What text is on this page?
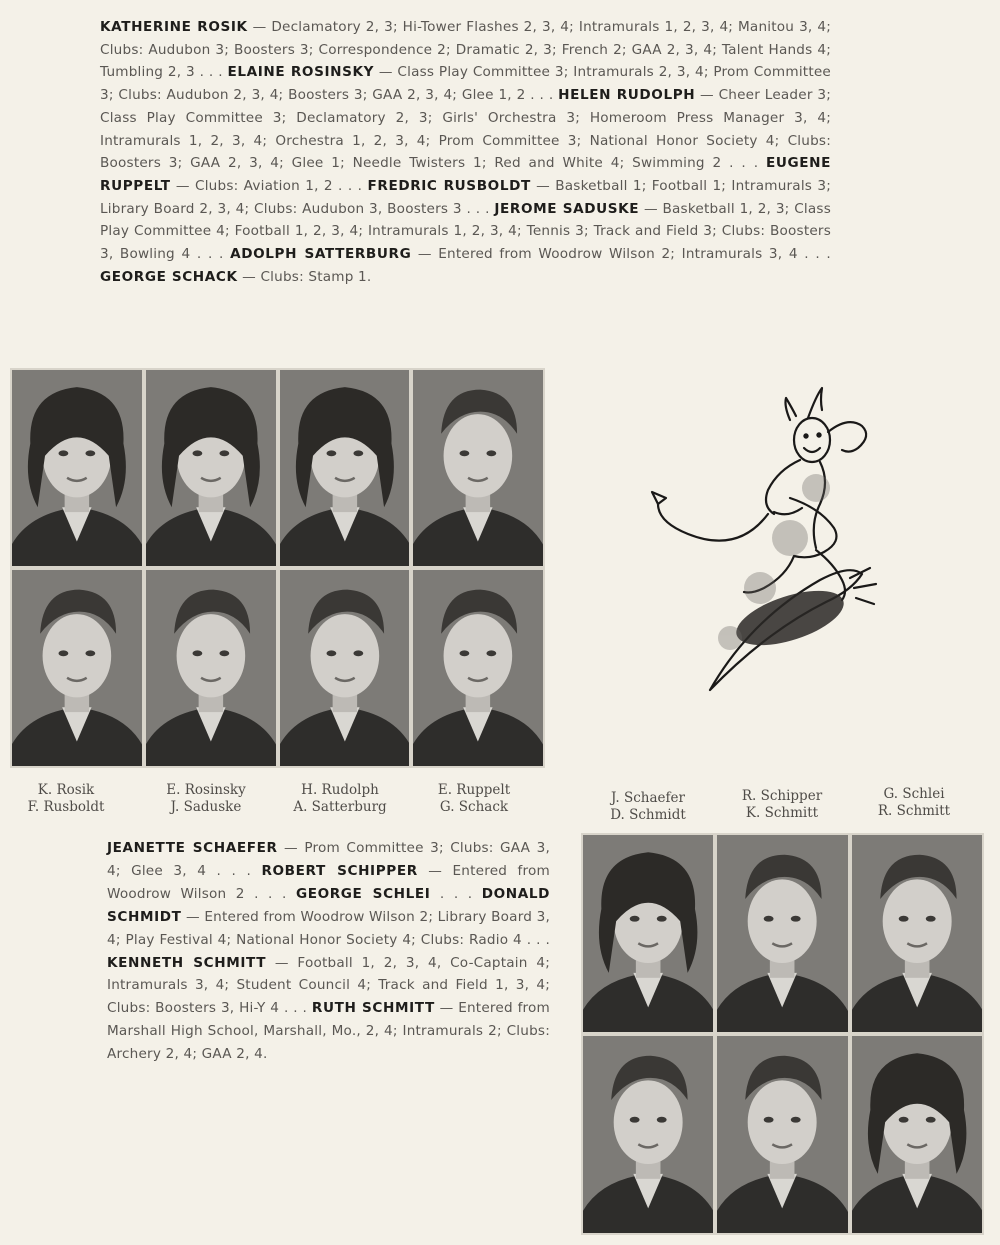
KATHERINE ROSIK — Declamatory 2, 3; Hi-Tower Flashes 2, 3, 4; Intramurals 1, 2, 3, 4; Manitou 3, 4; Clubs: Audubon 3; Boosters 3; Correspondence 2; Dramatic 2, 3; French 2; GAA 2, 3, 4; Talent Hands 4; Tumbling 2, 3 . . . ELAINE ROSINSKY — Class Play Committee 3; Intramurals 2, 3, 4; Prom Committee 3; Clubs: Audubon 2, 3, 4; Boosters 3; GAA 2, 3, 4; Glee 1, 2 . . . HELEN RUDOLPH — Cheer Leader 3; Class Play Committee 3; Declamatory 2, 3; Girls' Orchestra 3; Homeroom Press Manager 3, 4; Intramurals 1, 2, 3, 4; Orchestra 1, 2, 3, 4; Prom Committee 3; National Honor Society 4; Clubs: Boosters 3; GAA 2, 3, 4; Glee 1; Needle Twisters 1; Red and White 4; Swimming 2 . . . EUGENE RUPPELT — Clubs: Aviation 1, 2 . . . FREDRIC RUSBOLDT — Basketball 1; Football 1; Intramurals 3; Library Board 2, 3, 4; Clubs: Audubon 3, Boosters 3 . . . JEROME SADUSKE — Basketball 1, 2, 3; Class Play Committee 4; Football 1, 2, 3, 4; Intramurals 1, 2, 3, 4; Tennis 3; Track and Field 3; Clubs: Boosters 3, Bowling 4 . . . ADOLPH SATTERBURG — Entered from Woodrow Wilson 2; Intramurals 3, 4 . . . GEORGE SCHACK — Clubs: Stamp 1.
K. Rosik
F. Rusboldt
E. Rosinsky
J. Saduske
H. Rudolph
A. Satterburg
E. Ruppelt
G. Schack
J. Schaefer
D. Schmidt
R. Schipper
K. Schmitt
G. Schlei
R. Schmitt
JEANETTE SCHAEFER — Prom Committee 3; Clubs: GAA 3, 4; Glee 3, 4 . . . ROBERT SCHIPPER — Entered from Woodrow Wilson 2 . . . GEORGE SCHLEI . . . DONALD SCHMIDT — Entered from Woodrow Wilson 2; Library Board 3, 4; Play Festival 4; National Honor Society 4; Clubs: Radio 4 . . . KENNETH SCHMITT — Football 1, 2, 3, 4, Co-Captain 4; Intramurals 3, 4; Student Council 4; Track and Field 1, 3, 4; Clubs: Boosters 3, Hi-Y 4 . . . RUTH SCHMITT — Entered from Marshall High School, Marshall, Mo., 2, 4; Intramurals 2; Clubs: Archery 2, 4; GAA 2, 4.
